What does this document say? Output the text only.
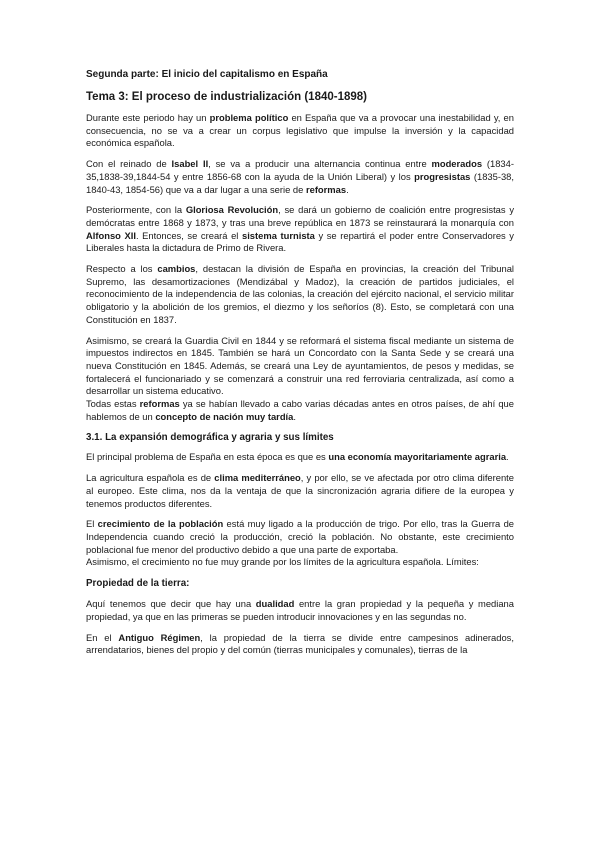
Segunda parte: El inicio del capitalismo en España
Tema 3: El proceso de industrialización (1840-1898)

Durante este periodo hay un problema político en España que va a provocar una inestabilidad y, en consecuencia, no se va a crear un corpus legislativo que impulse la inversión y la capacidad económica española.

Con el reinado de Isabel II, se va a producir una alternancia continua entre moderados (1834-35,1838-39,1844-54 y entre 1856-68 con la ayuda de la Unión Liberal) y los progresistas (1835-38, 1840-43, 1854-56) que va a dar lugar a una serie de reformas.

Posteriormente, con la Gloriosa Revolución, se dará un gobierno de coalición entre progresistas y demócratas entre 1868 y 1873, y tras una breve república en 1873 se reinstaurará la monarquía con Alfonso XII. Entonces, se creará el sistema turnista y se repartirá el poder entre Conservadores y Liberales hasta la dictadura de Primo de Rivera.

Respecto a los cambios, destacan la división de España en provincias, la creación del Tribunal Supremo, las desamortizaciones (Mendizábal y Madoz), la creación de partidos judiciales, el reconocimiento de la independencia de las colonias, la creación del ejército nacional, el servicio militar obligatorio y la abolición de los gremios, el diezmo y los señoríos (8). Esto, se completará con una Constitución en 1837.

Asimismo, se creará la Guardia Civil en 1844 y se reformará el sistema fiscal mediante un sistema de impuestos indirectos en 1845. También se hará un Concordato con la Santa Sede y se creará una nueva Constitución en 1845. Además, se creará una Ley de ayuntamientos, de pesos y medidas, se fortalecerá el funcionariado y se comenzará a construir una red ferroviaria centralizada, así como a desarrollar un sistema educativo.

Todas estas reformas ya se habían llevado a cabo varias décadas antes en otros países, de ahí que hablemos de un concepto de nación muy tardía.

3.1. La expansión demográfica y agraria y sus límites

El principal problema de España en esta época es que es una economía mayoritariamente agraria.

La agricultura española es de clima mediterráneo, y por ello, se ve afectada por otro clima diferente al europeo. Este clima, nos da la ventaja de que la sincronización agraria difiere de la europea y tenemos productos diferentes.

El crecimiento de la población está muy ligado a la producción de trigo. Por ello, tras la Guerra de Independencia cuando creció la producción, creció la población. No obstante, este crecimiento poblacional fue menor del productivo debido a que una parte de exportaba.

Asimismo, el crecimiento no fue muy grande por los límites de la agricultura española. Límites:

Propiedad de la tierra:

Aquí tenemos que decir que hay una dualidad entre la gran propiedad y la pequeña y mediana propiedad, ya que en las primeras se pueden introducir innovaciones y en las segundas no.

En el Antiguo Régimen, la propiedad de la tierra se divide entre campesinos adinerados, arrendatarios, bienes del propio y del común (tierras municipales y comunales), tierras de la
